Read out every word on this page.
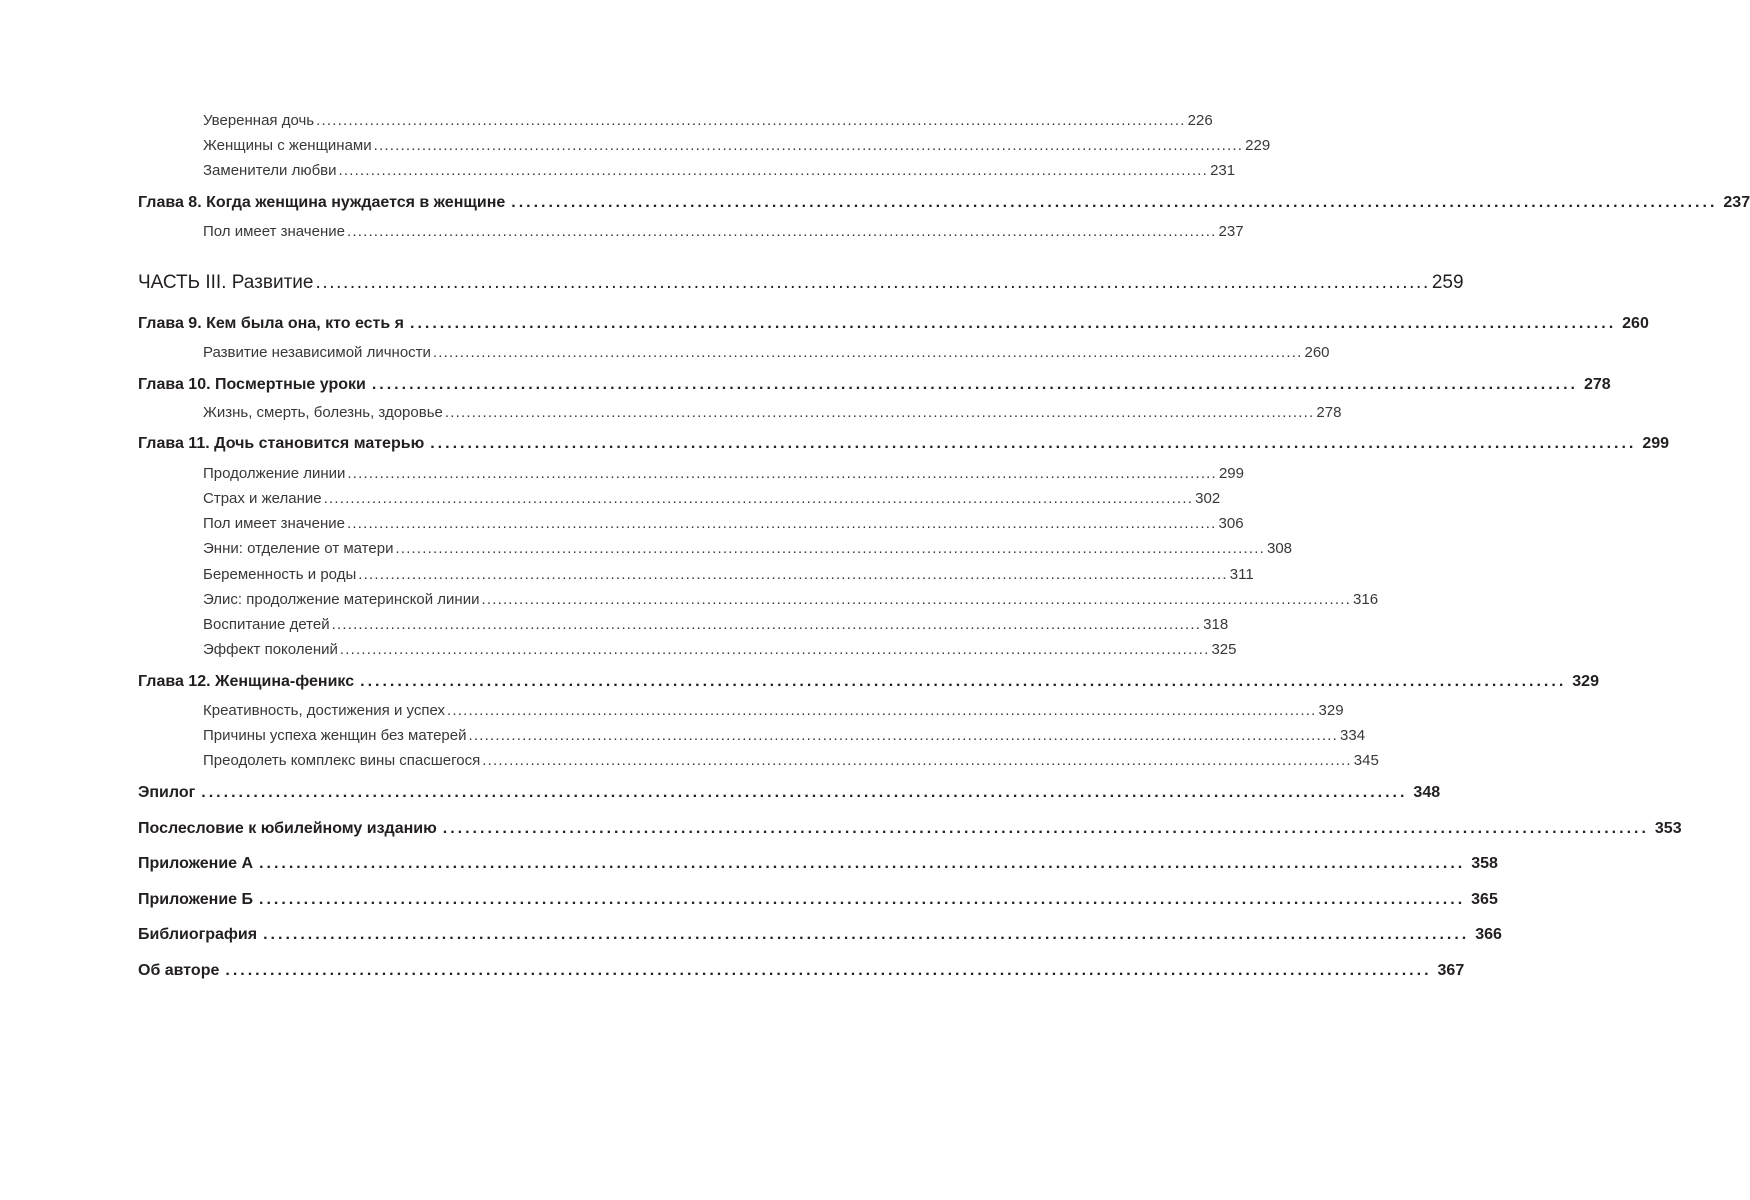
Уверенная дочь .................................................................................................................................................................. 226
Женщины с женщинами .................................................................................................................................................................. 229
Заменители любви .................................................................................................................................................................. 231
Глава 8. Когда женщина нуждается в женщине .................................................................................................................................................................. 237
Пол имеет значение .................................................................................................................................................................. 237
ЧАСТЬ III. Развитие .................................................................................................................................................................. 259
Глава 9. Кем была она, кто есть я .................................................................................................................................................................. 260
Развитие независимой личности .................................................................................................................................................................. 260
Глава 10. Посмертные уроки .................................................................................................................................................................. 278
Жизнь, смерть, болезнь, здоровье .................................................................................................................................................................. 278
Глава 11. Дочь становится матерью .................................................................................................................................................................. 299
Продолжение линии .................................................................................................................................................................. 299
Страх и желание .................................................................................................................................................................. 302
Пол имеет значение .................................................................................................................................................................. 306
Энни: отделение от матери .................................................................................................................................................................. 308
Беременность и роды .................................................................................................................................................................. 311
Элис: продолжение материнской линии .................................................................................................................................................................. 316
Воспитание детей .................................................................................................................................................................. 318
Эффект поколений .................................................................................................................................................................. 325
Глава 12. Женщина-феникс .................................................................................................................................................................. 329
Креативность, достижения и успех .................................................................................................................................................................. 329
Причины успеха женщин без матерей .................................................................................................................................................................. 334
Преодолеть комплекс вины спасшегося .................................................................................................................................................................. 345
Эпилог .................................................................................................................................................................. 348
Послесловие к юбилейному изданию .................................................................................................................................................................. 353
Приложение А .................................................................................................................................................................. 358
Приложение Б .................................................................................................................................................................. 365
Библиография .................................................................................................................................................................. 366
Об авторе .................................................................................................................................................................. 367
